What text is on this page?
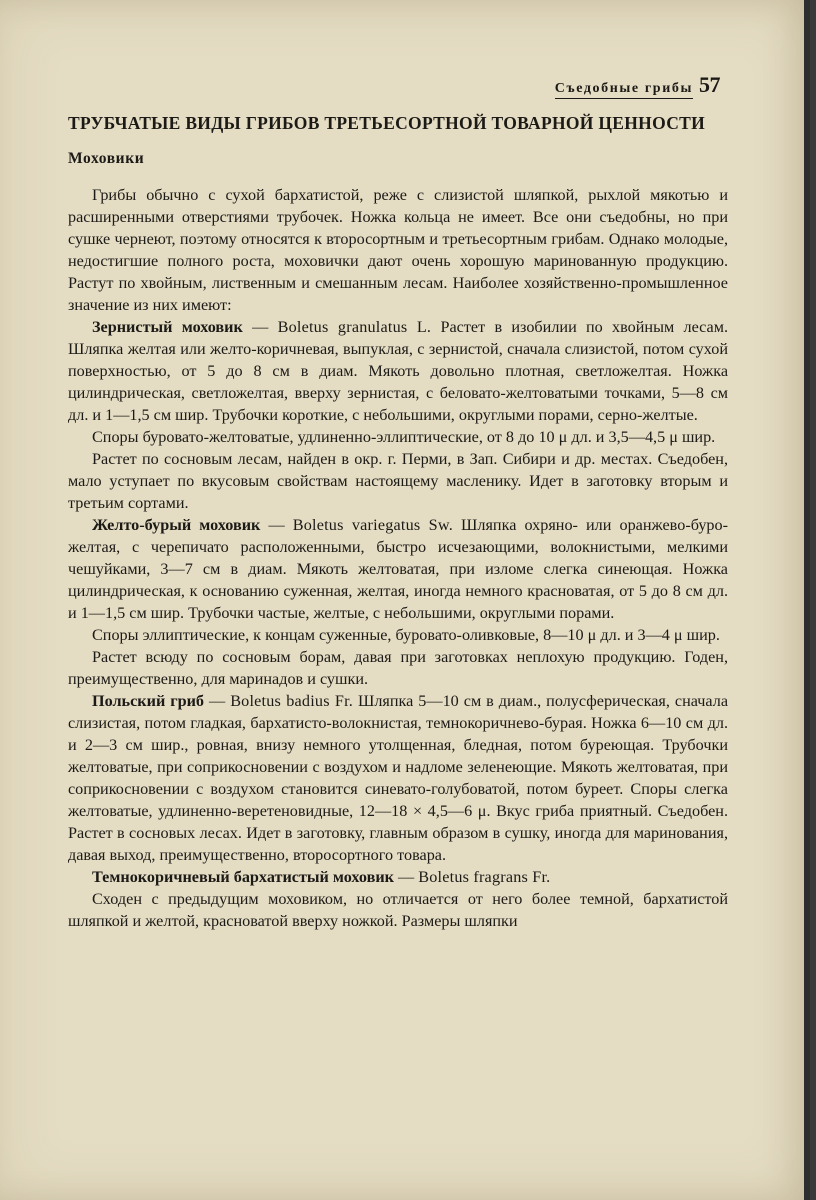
Съедобные грибы 57
ТРУБЧАТЫЕ ВИДЫ ГРИБОВ ТРЕТЬЕСОРТНОЙ ТОВАРНОЙ ЦЕННОСТИ
Моховики

Грибы обычно с сухой бархатистой, реже с слизистой шляпкой, рыхлой мякотью и расширенными отверстиями трубочек. Ножка кольца не имеет. Все они съедобны, но при сушке чернеют, поэтому относятся к второсортным и третьесортным грибам. Однако молодые, недостигшие полного роста, моховички дают очень хорошую маринованную продукцию. Растут по хвойным, лиственным и смешанным лесам. Наиболее хозяйственно-промышленное значение из них имеют:

Зернистый моховик — Boletus granulatus L. Растет в изобилии по хвойным лесам. Шляпка желтая или желто-коричневая, выпуклая, с зернистой, сначала слизистой, потом сухой поверхностью, от 5 до 8 см в диам. Мякоть довольно плотная, светложелтая. Ножка цилиндрическая, светложелтая, вверху зернистая, с беловато-желтоватыми точками, 5—8 см дл. и 1—1,5 см шир. Трубочки короткие, с небольшими, округлыми порами, серно-желтые.

Споры буровато-желтоватые, удлиненно-эллиптические, от 8 до 10 μ дл. и 3,5—4,5 μ шир.

Растет по сосновым лесам, найден в окр. г. Перми, в Зап. Сибири и др. местах. Съедобен, мало уступает по вкусовым свойствам настоящему масленику. Идет в заготовку вторым и третьим сортами.

Желто-бурый моховик — Boletus variegatus Sw. Шляпка охряно- или оранжево-буро-желтая, с черепичато расположенными, быстро исчезающими, волокнистыми, мелкими чешуйками, 3—7 см в диам. Мякоть желтоватая, при изломе слегка синеющая. Ножка цилиндрическая, к основанию суженная, желтая, иногда немного красноватая, от 5 до 8 см дл. и 1—1,5 см шир. Трубочки частые, желтые, с небольшими, округлыми порами.

Споры эллиптические, к концам суженные, буровато-оливковые, 8—10 μ дл. и 3—4 μ шир.

Растет всюду по сосновым борам, давая при заготовках неплохую продукцию. Годен, преимущественно, для маринадов и сушки.

Польский гриб — Boletus badius Fr. Шляпка 5—10 см в диам., полусферическая, сначала слизистая, потом гладкая, бархатисто-волокнистая, темнокоричнево-бурая. Ножка 6—10 см дл. и 2—3 см шир., ровная, внизу немного утолщенная, бледная, потом буреющая. Трубочки желтоватые, при соприкосновении с воздухом и надломе зеленеющие. Мякоть желтоватая, при соприкосновении с воздухом становится синевато-голубоватой, потом буреет. Споры слегка желтоватые, удлиненно-веретеновидные, 12—18 × 4,5—6 μ. Вкус гриба приятный. Съедобен. Растет в сосновых лесах. Идет в заготовку, главным образом в сушку, иногда для маринования, давая выход, преимущественно, второсортного товара.

Темнокоричневый бархатистый моховик — Boletus fragrans Fr.

Сходен с предыдущим моховиком, но отличается от него более темной, бархатистой шляпкой и желтой, красноватой вверху ножкой. Размеры шляпки
